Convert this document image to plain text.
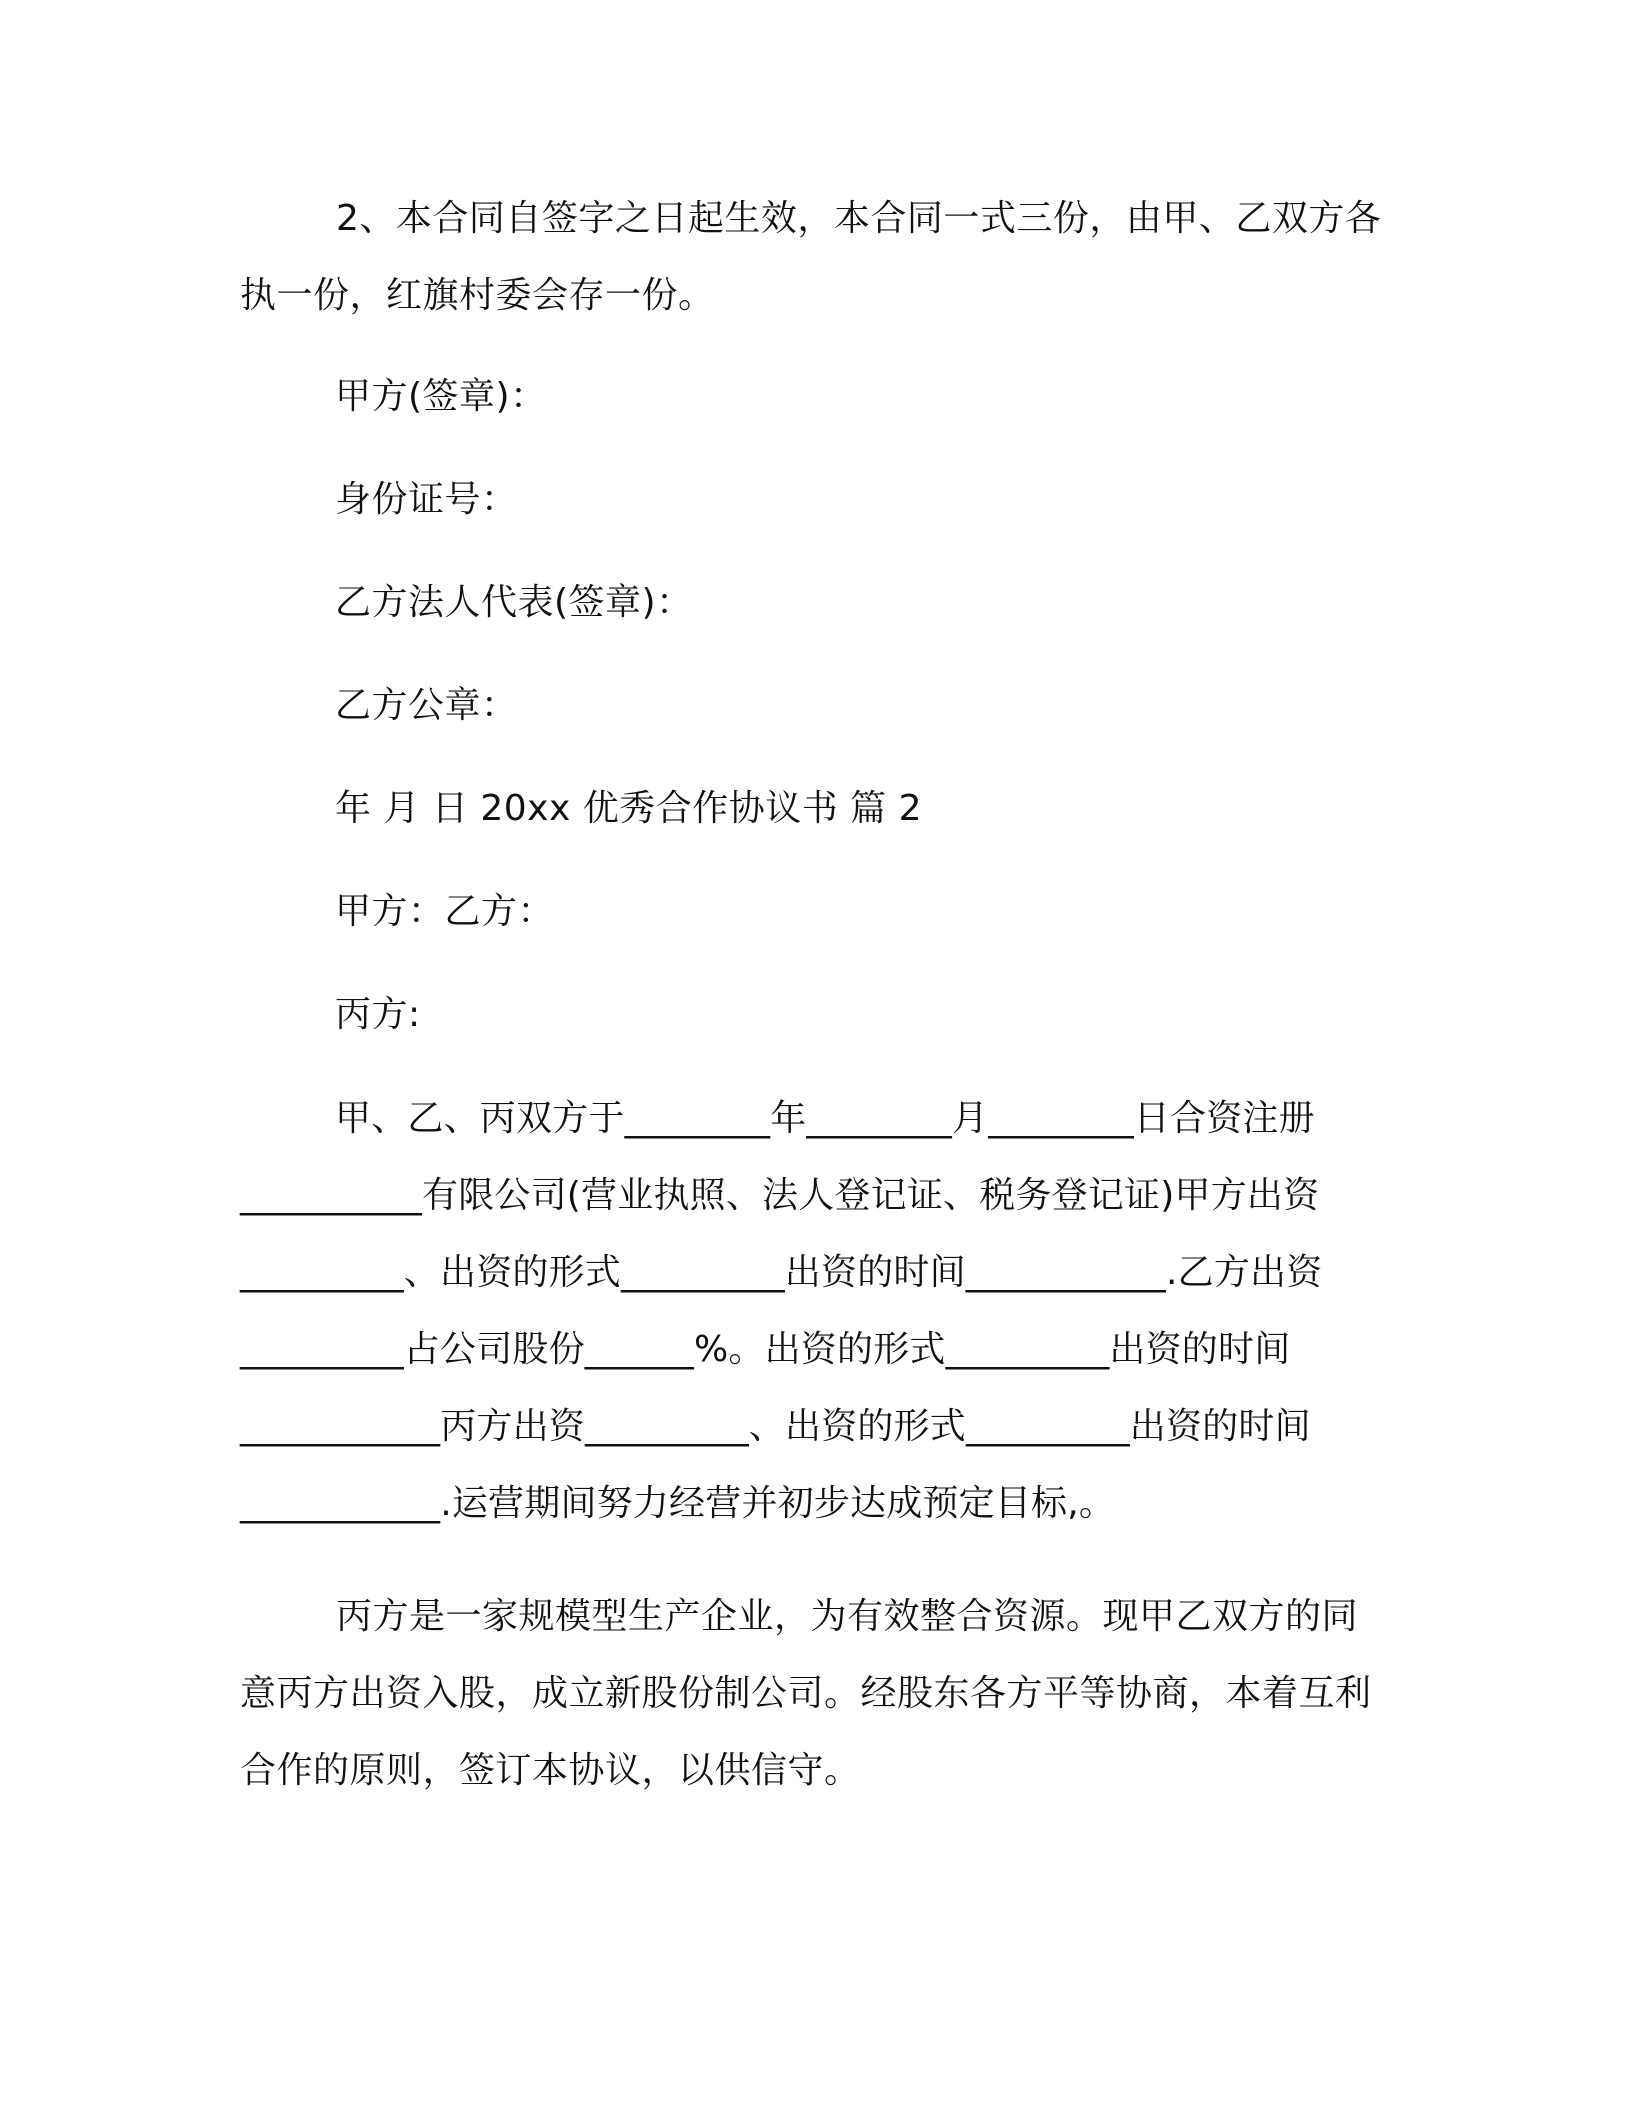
2、本合同自签字之日起生效，本合同一式三份，由甲、乙双方各执一份，红旗村委会存一份。

甲方(签章)：

身份证号：

乙方法人代表(签章)：

乙方公章：

年 月 日 20xx 优秀合作协议书 篇 2

甲方：乙方：

丙方:

甲、乙、丙双方于________年________月________日合资注册

__________有限公司(营业执照、法人登记证、税务登记证)甲方出资

_________、出资的形式_________出资的时间___________.乙方出资

_________占公司股份______%。出资的形式_________出资的时间

___________丙方出资_________、出资的形式_________出资的时间

___________.运营期间努力经营并初步达成预定目标,。

丙方是一家规模型生产企业，为有效整合资源。现甲乙双方的同意丙方出资入股，成立新股份制公司。经股东各方平等协商，本着互利合作的原则，签订本协议，以供信守。
